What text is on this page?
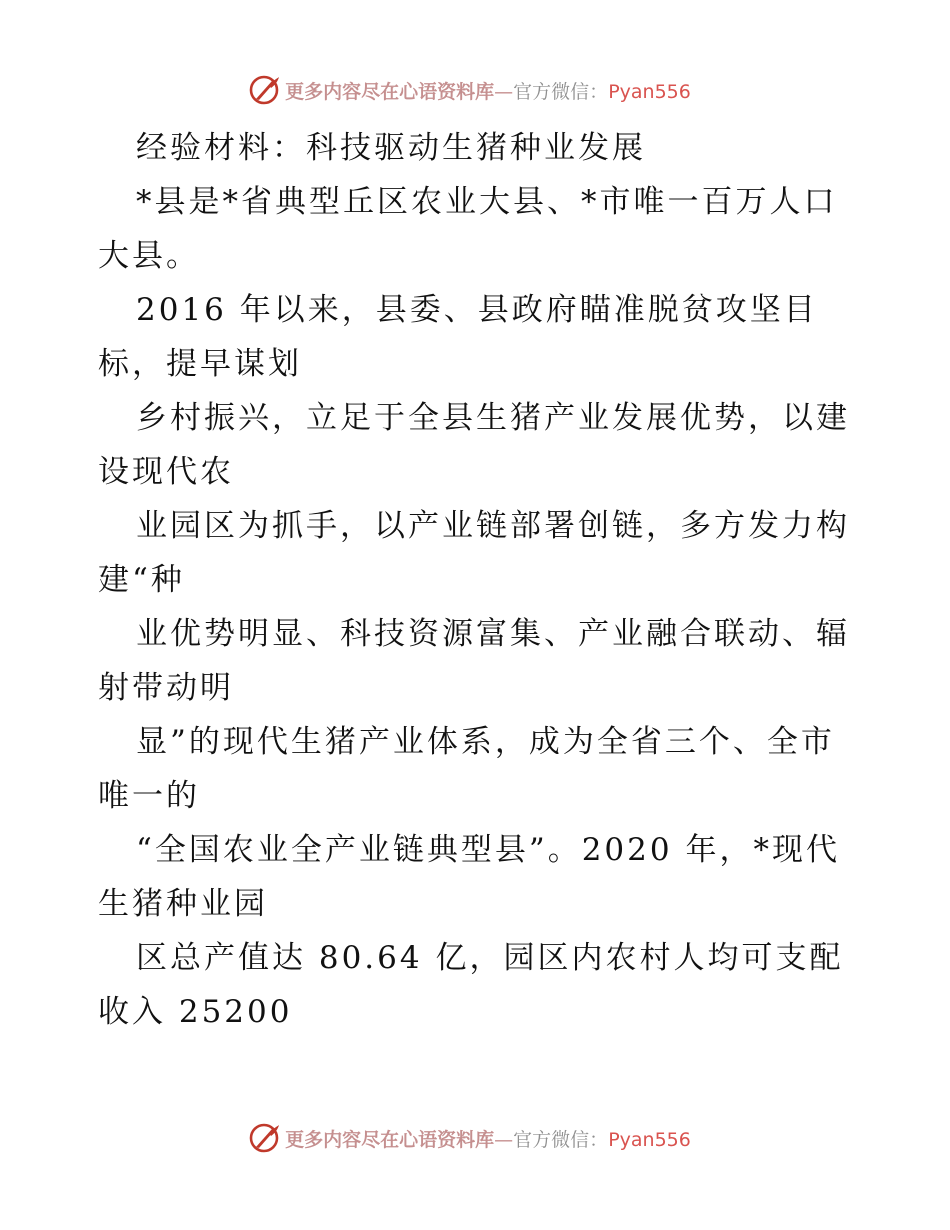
更多内容尽在心语资料库—官方微信：Pyan556
经验材料：科技驱动生猪种业发展
*县是*省典型丘区农业大县、*市唯一百万人口
大县。
2016 年以来，县委、县政府瞄准脱贫攻坚目
标，提早谋划
乡村振兴，立足于全县生猪产业发展优势，以建
设现代农
业园区为抓手，以产业链部署创链，多方发力构
建“种
业优势明显、科技资源富集、产业融合联动、辐
射带动明
显”的现代生猪产业体系，成为全省三个、全市
唯一的
“全国农业全产业链典型县”。2020 年，*现代
生猪种业园
区总产值达 80.64 亿，园区内农村人均可支配
收入 25200
更多内容尽在心语资料库—官方微信：Pyan556
